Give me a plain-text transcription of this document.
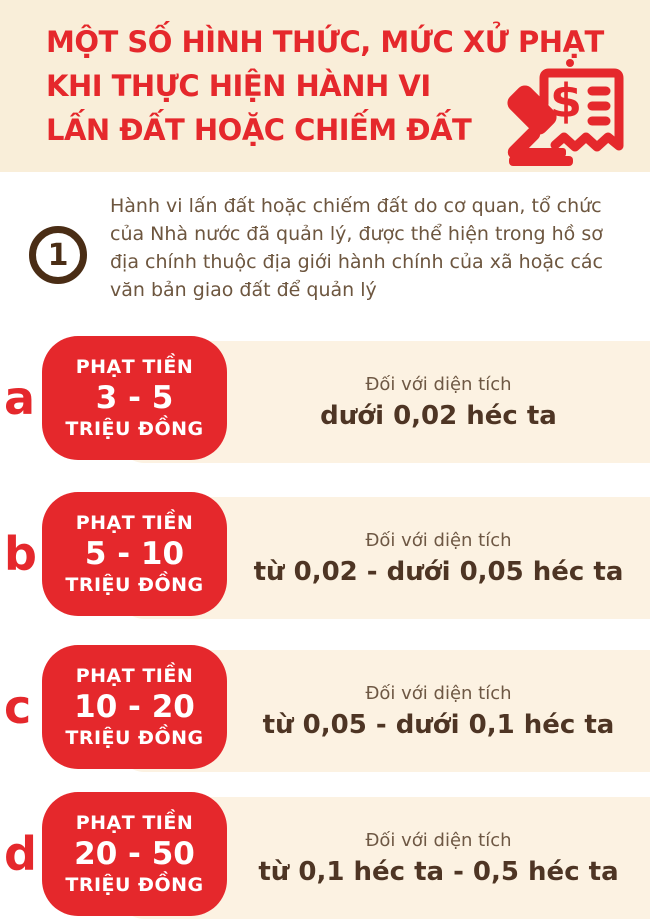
MỘT SỐ HÌNH THỨC, MỨC XỬ PHẠT
KHI THỰC HIỆN HÀNH VI
LẤN ĐẤT HOẶC CHIẾM ĐẤT
$
1
Hành vi lấn đất hoặc chiếm đất do cơ quan, tổ chức của Nhà nước đã quản lý, được thể hiện trong hồ sơ địa chính thuộc địa giới hành chính của xã hoặc các văn bản giao đất để quản lý
a
PHẠT TIỀN
3 - 5
TRIỆU ĐỒNG
Đối với diện tích
dưới 0,02 héc ta
b
PHẠT TIỀN
5 - 10
TRIỆU ĐỒNG
Đối với diện tích
từ 0,02 - dưới 0,05 héc ta
c
PHẠT TIỀN
10 - 20
TRIỆU ĐỒNG
Đối với diện tích
từ 0,05 - dưới 0,1 héc ta
d
PHẠT TIỀN
20 - 50
TRIỆU ĐỒNG
Đối với diện tích
từ 0,1 héc ta - 0,5 héc ta
